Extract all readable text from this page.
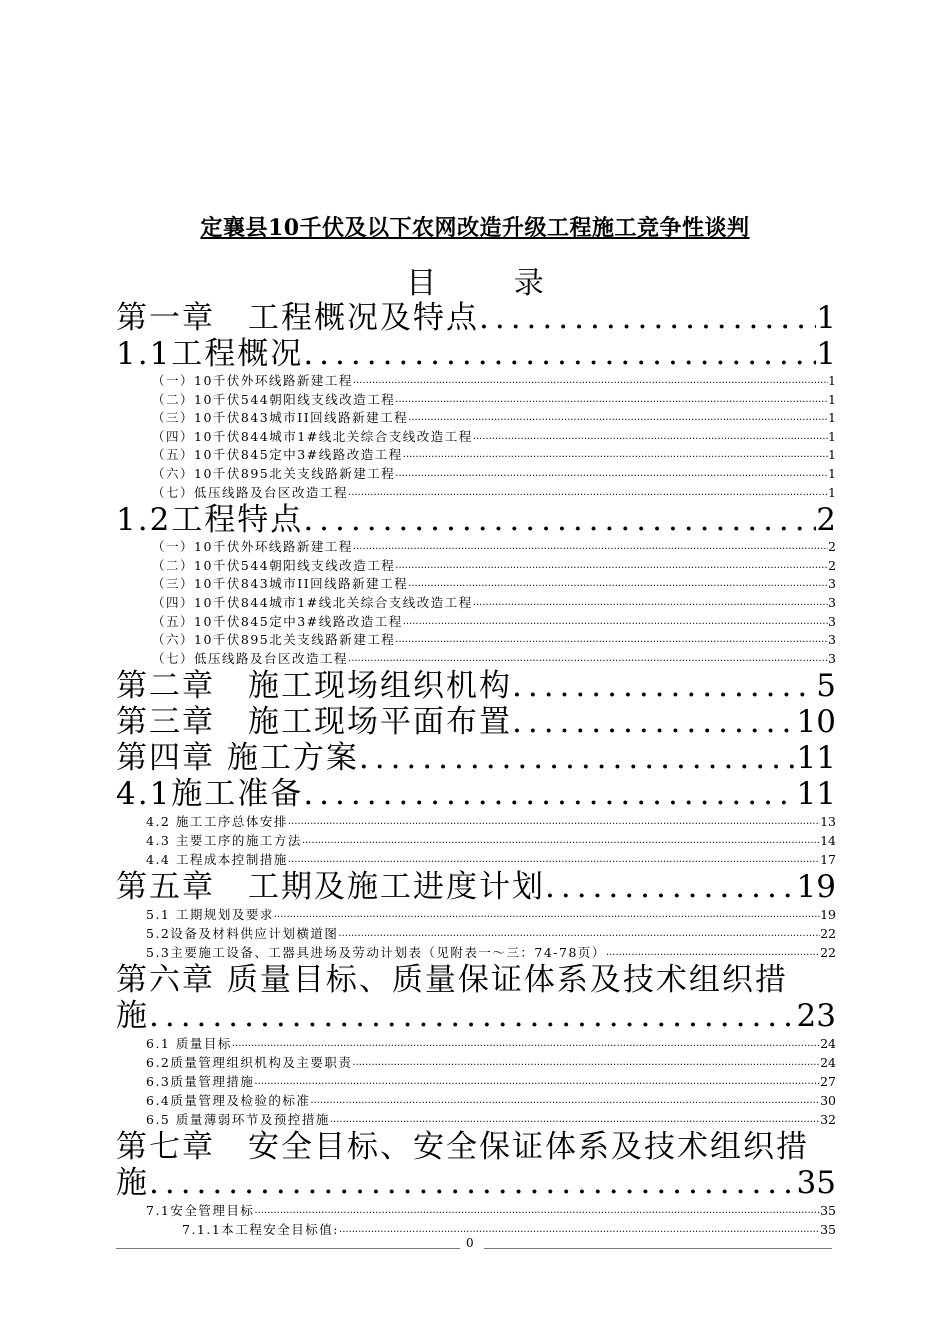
定襄县10千伏及以下农网改造升级工程施工竞争性谈判
目 录
第一章　工程概况及特点 .....	1
1.1工程概况 .....	1
（一）10千伏外环线路新建工程 .....	1
（二）10千伏544朝阳线支线改造工程 .....	1
（三）10千伏843城市II回线路新建工程 .....	1
（四）10千伏844城市1#线北关综合支线改造工程 .....	1
（五）10千伏845定中3#线路改造工程 .....	1
（六）10千伏895北关支线路新建工程 .....	1
（七）低压线路及台区改造工程 .....	1
1.2工程特点 .....	2
（一）10千伏外环线路新建工程 .....	2
（二）10千伏544朝阳线支线改造工程 .....	2
（三）10千伏843城市II回线路新建工程 .....	3
（四）10千伏844城市1#线北关综合支线改造工程 .....	3
（五）10千伏845定中3#线路改造工程 .....	3
（六）10千伏895北关支线路新建工程 .....	3
（七）低压线路及台区改造工程 .....	3
第二章　施工现场组织机构 .....	5
第三章　施工现场平面布置 .....	10
第四章 施工方案 .....	11
4.1施工准备 .....	11
4.2 施工工序总体安排 .....	13
4.3 主要工序的施工方法 .....	14
4.4 工程成本控制措施 .....	17
第五章　工期及施工进度计划 .....	19
5.1 工期规划及要求 .....	19
5.2设备及材料供应计划横道图 .....	22
5.3主要施工设备、工器具进场及劳动计划表（见附表一～三：74-78页） .....	22
第六章 质量目标、质量保证体系及技术组织措
施 .....	23
6.1 质量目标 .....	24
6.2质量管理组织机构及主要职责 .....	24
6.3质量管理措施 .....	27
6.4质量管理及检验的标准 .....	30
6.5 质量薄弱环节及预控措施 .....	32
第七章　安全目标、安全保证体系及技术组织措
施 .....	35
7.1安全管理目标 .....	35
7.1.1本工程安全目标值: .....	35
0
